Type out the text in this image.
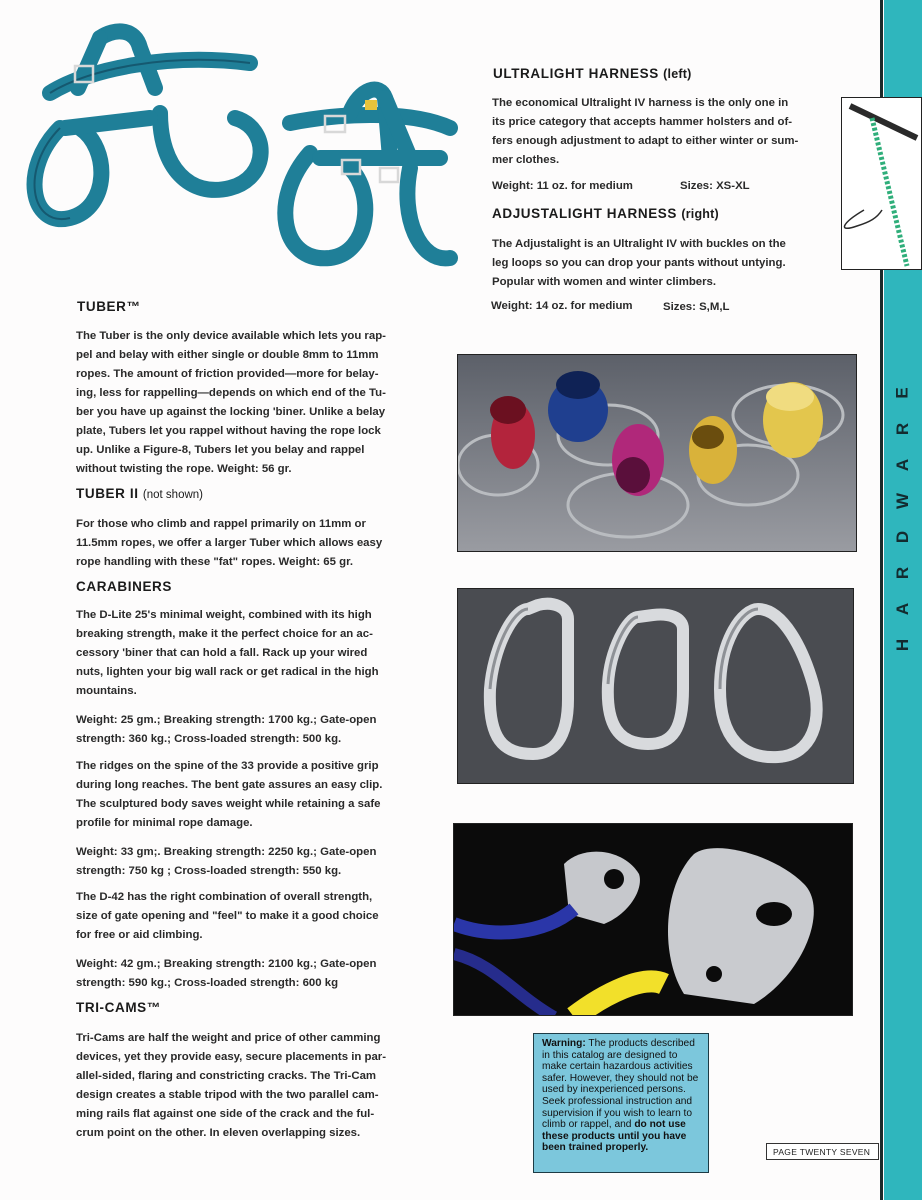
E
R
A
W
D
R
A
H
ULTRALIGHT HARNESS (left)
The economical Ultralight IV harness is the only one in
its price category that accepts hammer holsters and of-
fers enough adjustment to adapt to either winter or sum-
mer clothes.
Weight: 11 oz. for medium	Sizes: XS-XL
ADJUSTALIGHT HARNESS (right)
The Adjustalight is an Ultralight IV with buckles on the
leg loops so you can drop your pants without untying.
Popular with women and winter climbers.
Weight: 14 oz. for medium	Sizes: S,M,L
TUBER™
The Tuber is the only device available which lets you rap-
pel and belay with either single or double 8mm to 11mm
ropes. The amount of friction provided—more for belay-
ing, less for rappelling—depends on which end of the Tu-
ber you have up against the locking 'biner. Unlike a belay
plate, Tubers let you rappel without having the rope lock
up. Unlike a Figure-8, Tubers let you belay and rappel
without twisting the rope. Weight: 56 gr.
TUBER II (not shown)
For those who climb and rappel primarily on 11mm or
11.5mm ropes, we offer a larger Tuber which allows easy
rope handling with these "fat" ropes. Weight: 65 gr.
CARABINERS
The D-Lite 25's minimal weight, combined with its high
breaking strength, make it the perfect choice for an ac-
cessory 'biner that can hold a fall. Rack up your wired
nuts, lighten your big wall rack or get radical in the high
mountains.
Weight: 25 gm.; Breaking strength: 1700 kg.; Gate-open
strength: 360 kg.; Cross-loaded strength: 500 kg.
The ridges on the spine of the 33 provide a positive grip
during long reaches. The bent gate assures an easy clip.
The sculptured body saves weight while retaining a safe
profile for minimal rope damage.
Weight: 33 gm;. Breaking strength: 2250 kg.; Gate-open
strength: 750 kg ; Cross-loaded strength: 550 kg.
The D-42 has the right combination of overall strength,
size of gate opening and "feel" to make it a good choice
for free or aid climbing.
Weight: 42 gm.; Breaking strength: 2100 kg.; Gate-open
strength: 590 kg.; Cross-loaded strength: 600 kg
TRI-CAMS™
Tri-Cams are half the weight and price of other camming
devices, yet they provide easy, secure placements in par-
allel-sided, flaring and constricting cracks. The Tri-Cam
design creates a stable tripod with the two parallel cam-
ming rails flat against one side of the crack and the ful-
crum point on the other. In eleven overlapping sizes.
Warning: The products described in this catalog are designed to make certain hazardous activities safer. However, they should not be used by inexperienced persons. Seek professional instruction and supervision if you wish to learn to climb or rappel, and do not use these products until you have been trained properly.	PAGE TWENTY SEVEN
